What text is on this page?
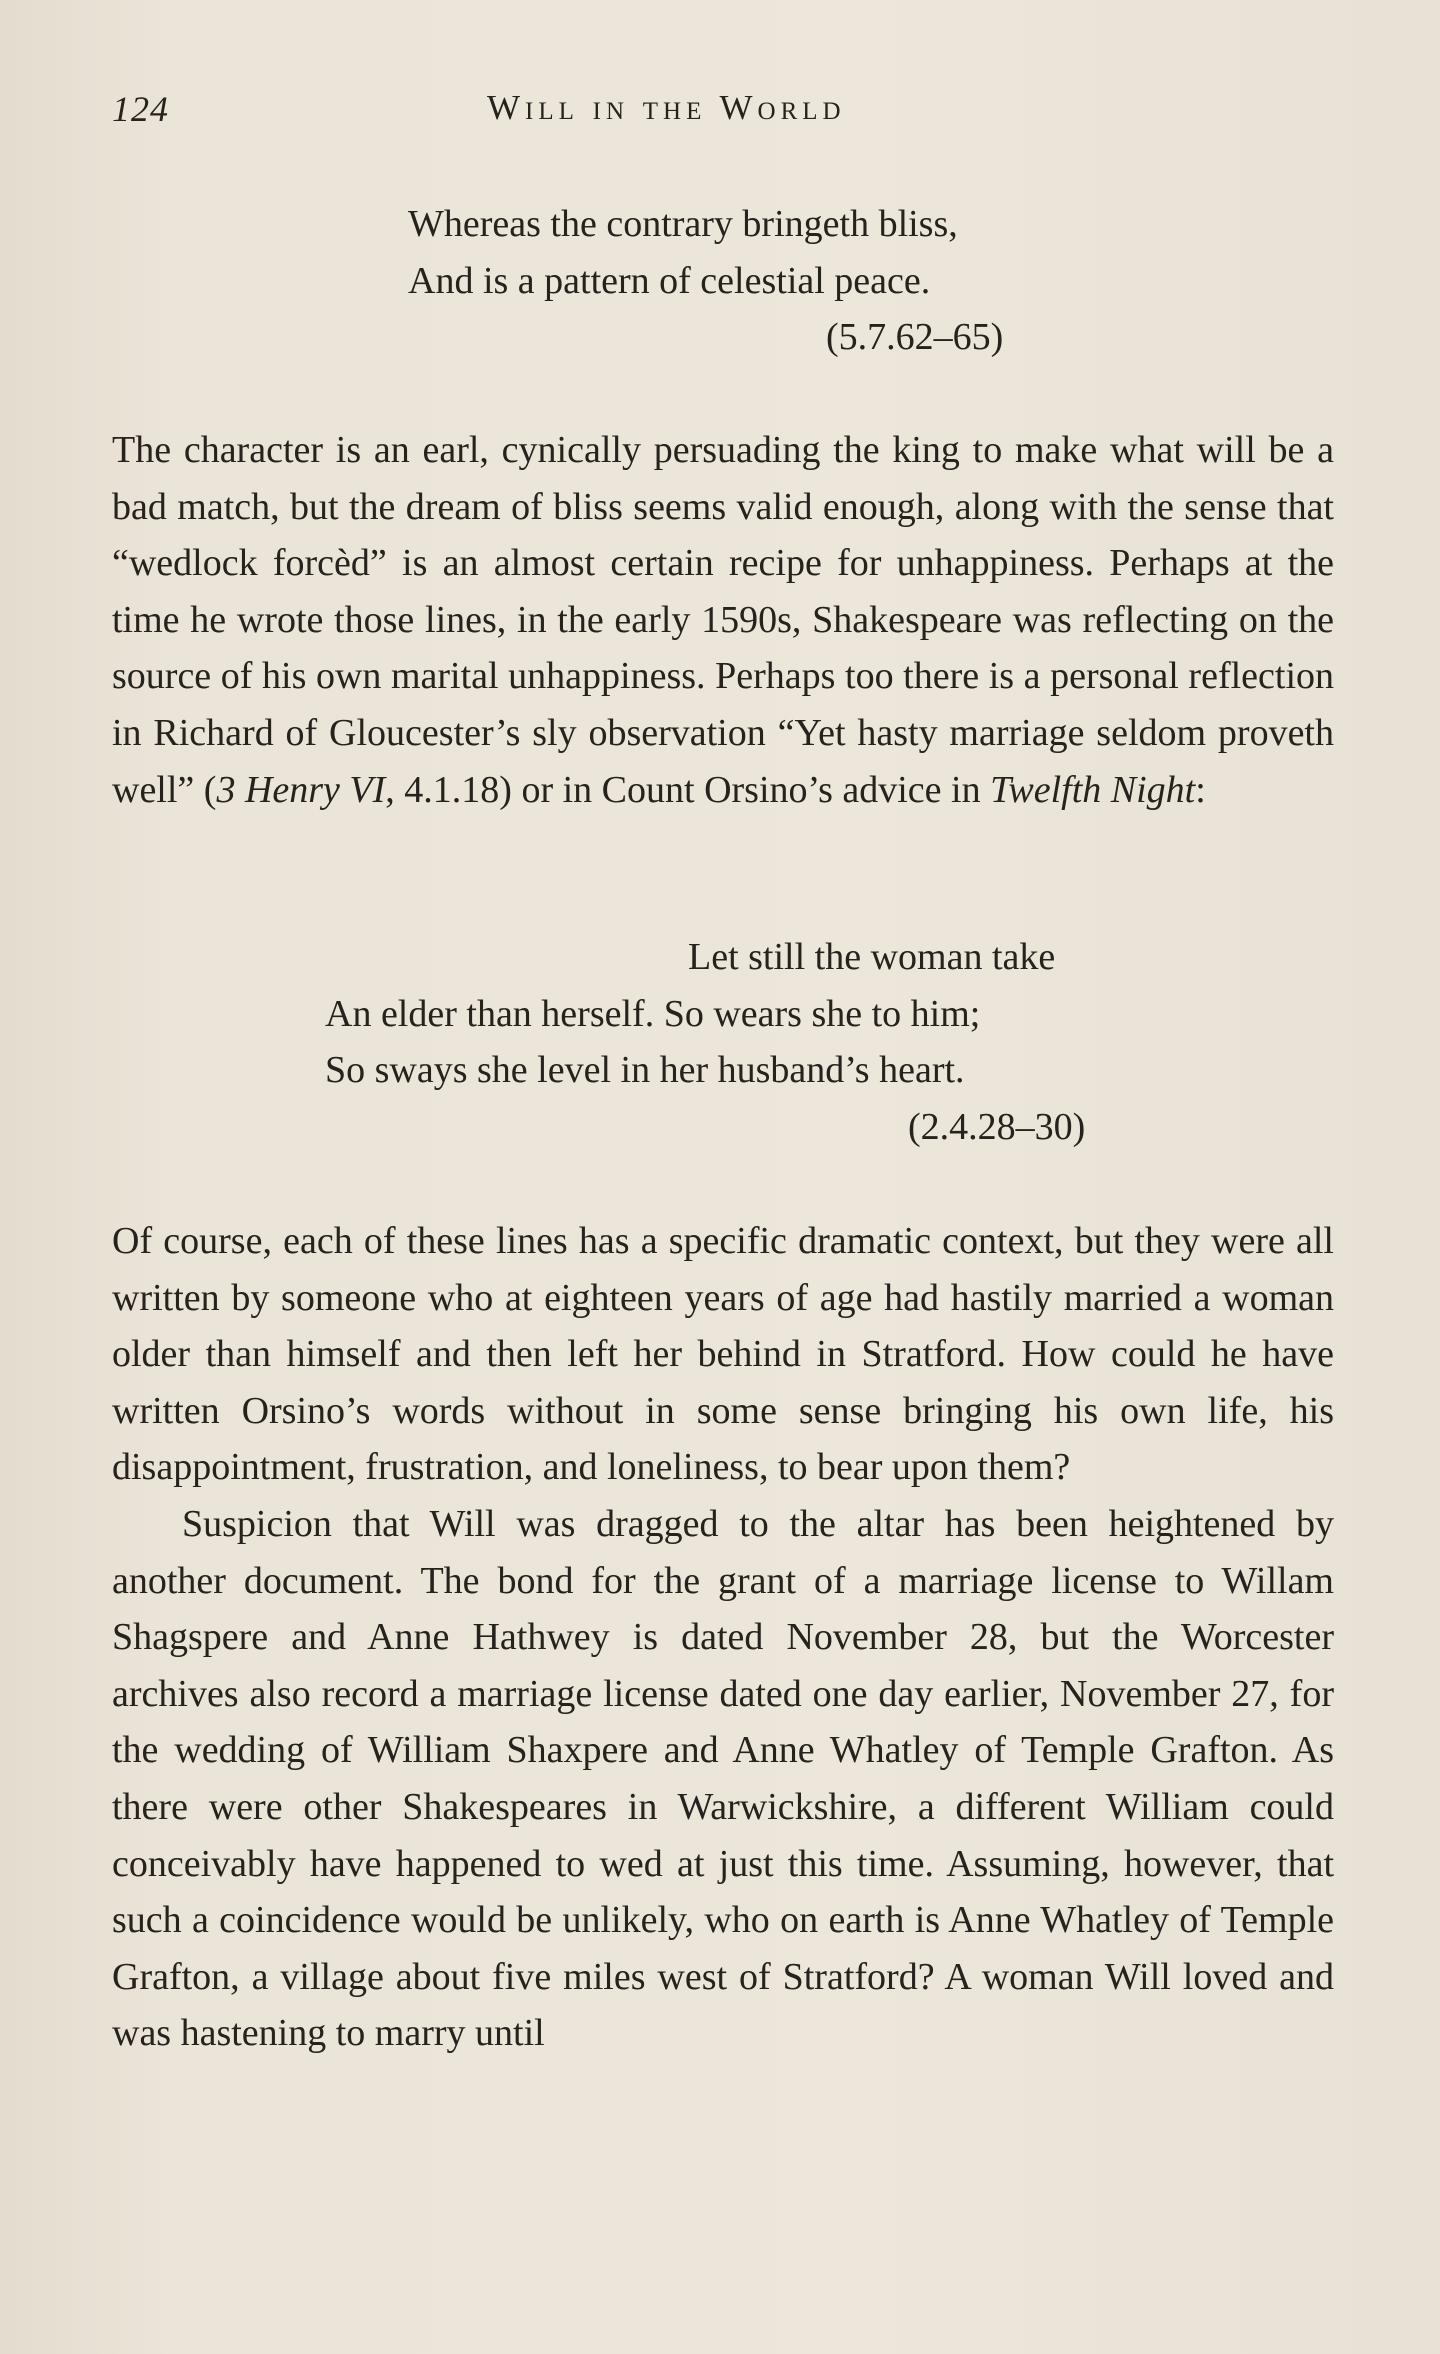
124	Will in the World
Whereas the contrary bringeth bliss,
And is a pattern of celestial peace.
(5.7.62–65)

The character is an earl, cynically persuading the king to make what will be a bad match, but the dream of bliss seems valid enough, along with the sense that “wedlock forcèd” is an almost certain recipe for unhappiness. Perhaps at the time he wrote those lines, in the early 1590s, Shakespeare was reflecting on the source of his own marital unhappiness. Perhaps too there is a personal reflection in Richard of Gloucester’s sly observation “Yet hasty marriage seldom proveth well” (3 Henry VI, 4.1.18) or in Count Orsino’s advice in Twelfth Night:

Let still the woman take
An elder than herself. So wears she to him;
So sways she level in her husband’s heart.
(2.4.28–30)

Of course, each of these lines has a specific dramatic context, but they were all written by someone who at eighteen years of age had hastily married a woman older than himself and then left her behind in Stratford. How could he have written Orsino’s words without in some sense bringing his own life, his disappointment, frustration, and loneliness, to bear upon them?

Suspicion that Will was dragged to the altar has been heightened by another document. The bond for the grant of a marriage license to Willam Shagspere and Anne Hathwey is dated November 28, but the Worcester archives also record a marriage license dated one day earlier, November 27, for the wedding of William Shaxpere and Anne Whatley of Temple Grafton. As there were other Shakespeares in Warwickshire, a different William could conceivably have happened to wed at just this time. Assuming, however, that such a coincidence would be unlikely, who on earth is Anne Whatley of Temple Grafton, a village about five miles west of Stratford? A woman Will loved and was hastening to marry until
